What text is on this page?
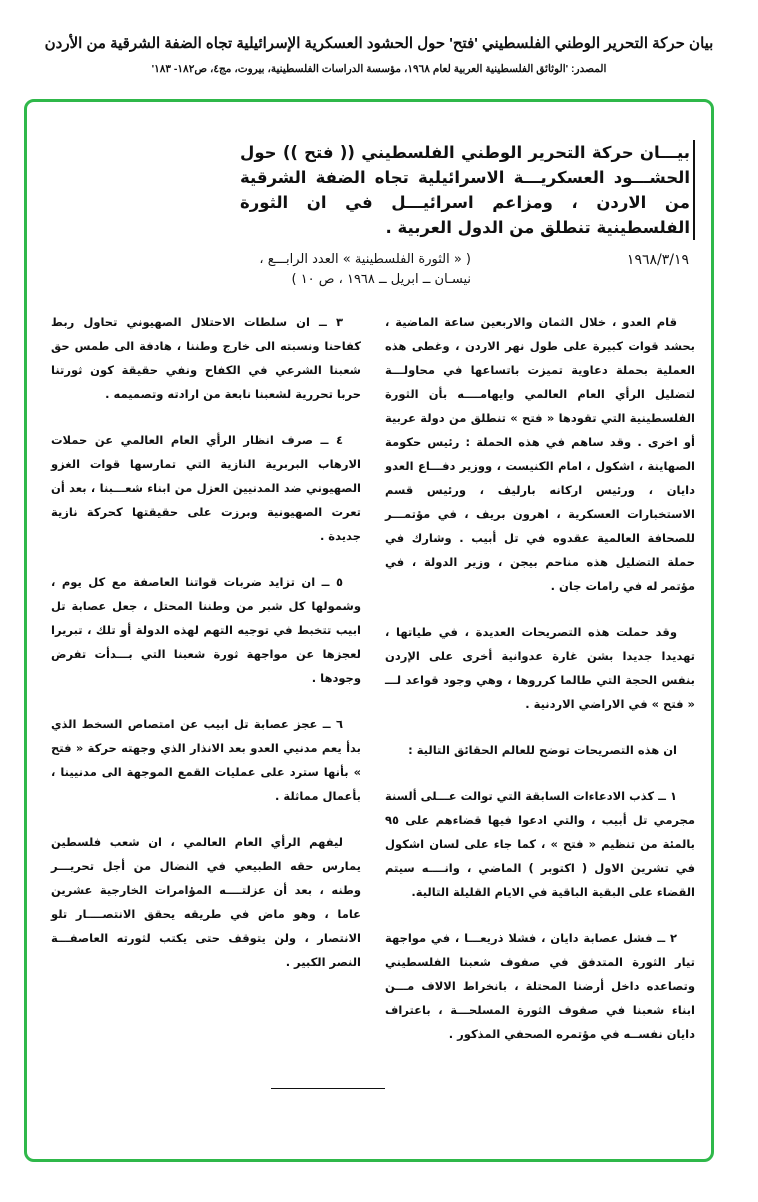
بيان حركة التحرير الوطني الفلسطيني 'فتح' حول الحشود العسكرية الإسرائيلية تجاه الضفة الشرقية من الأردن
المصدر: 'الوثائق الفلسطينية العربية لعام ١٩٦٨، مؤسسة الدراسات الفلسطينية، بيروت، مج٤، ص١٨٢- ١٨٣'
بيـــان حركة التحرير الوطني الفلسطيني (( فتح )) حول الحشـــود العسكريـــة الاسرائيلية تجاه الضفة الشرقية من الاردن ، ومزاعم اسرائيـــل في ان الثورة الفلسطينية تنطلق من الدول العربية .
١٩٦٨/٣/١٩
( « الثورة الفلسطينية » العدد الرابـــع ،
نيسـان ــ ابريل ــ ١٩٦٨ ، ص ١٠ )

قام العدو ، خلال الثمان والاربعين ساعة الماضية ، بحشد قوات كبيرة على طول نهر الاردن ، وغطى هذه العملية بحملة دعاوية تميزت باتساعها في محاولـــة لتضليل الرأي العام العالمي وايهامــــه بأن الثورة الفلسطينية التي تقودها « فتح » تنطلق من دولة عربية أو اخرى . وقد ساهم في هذه الحملة : رئيس حكومة الصهاينة ، اشكول ، امام الكنيست ، ووزير دفـــاع العدو دايان ، ورئيس اركانه بارليف ، ورئيس قسم الاستخبارات العسكرية ، اهرون بريف ، في مؤتمـــر للصحافة العالمية عقدوه في تل أبيب . وشارك في حملة التضليل هذه مناحم بيجن ، وزير الدولة ، في مؤتمر له في رامات جان .

وقد حملت هذه التصريحات العديدة ، في طياتها ، تهديدا جديدا بشن غارة عدوانية أخرى على الإردن بنفس الحجة التي طالما كرروها ، وهي وجود قواعد لـــ « فتح » في الاراضي الاردنية .

ان هذه التصريحات توضح للعالم الحقائق التالية :

١ ــ كذب الادعاءات السابقة التي توالت عـــلى ألسنة مجرمي تل أبيب ، والتي ادعوا فيها قضاءهم على ٩٥ بالمئة من تنظيم « فتح » ، كما جاء على لسان اشكول في تشرين الاول ( اكتوبر ) الماضي ، وانــــه سيتم القضاء على البقية الباقية في الايام القليلة التالية.

٢ ــ فشل عصابة دايان ، فشلا ذريعـــا ، في مواجهة تيار الثورة المتدفق في صفوف شعبنا الفلسطيني وتصاعده داخل أرضنا المحتلة ، بانخراط الالاف مـــن ابناء شعبنا في صفوف الثورة المسلحـــة ، باعتراف دايان نفســه في مؤتمره الصحفي المذكور .

٣ ــ ان سلطات الاحتلال الصهيوني تحاول ربط كفاحنا ونسبته الى خارج وطننا ، هادفة الى طمس حق شعبنا الشرعي في الكفاح ونفي حقيقة كون ثورتنا حربا تحررية لشعبنا نابعة من ارادته وتصميمه .

٤ ــ صرف انظار الرأي العام العالمي عن حملات الارهاب البربرية النازية التي تمارسها قوات الغزو الصهيوني ضد المدنيين العزل من ابناء شعـــبنا ، بعد أن تعرت الصهيونية وبرزت على حقيقتها كحركة نازية جديدة .

٥ ــ ان تزايد ضربات قواتنا العاصفة مع كل يوم ، وشمولها كل شبر من وطننا المحتل ، جعل عصابة تل ابيب تتخبط في توجيه التهم لهذه الدولة أو تلك ، تبريرا لعجزها عن مواجهة ثورة شعبنا التي بـــدأت تفرض وجودها .

٦ ــ عجز عصابة تل ابيب عن امتصاص السخط الذي بدأ يعم مدنيي العدو بعد الانذار الذي وجهته حركة « فتح » بأنها سترد على عمليات القمع الموجهة الى مدنيينا ، بأعمال مماثلة .

ليفهم الرأي العام العالمي ، ان شعب فلسطين يمارس حقه الطبيعي في النضال من أجل تحريـــر وطنه ، بعد أن عزلتــــه المؤامرات الخارجية عشرين عاما ، وهو ماض في طريقه يحقق الانتصــــار تلو الانتصار ، ولن يتوقف حتى يكتب لثورته العاصفـــة النصر الكبير .
